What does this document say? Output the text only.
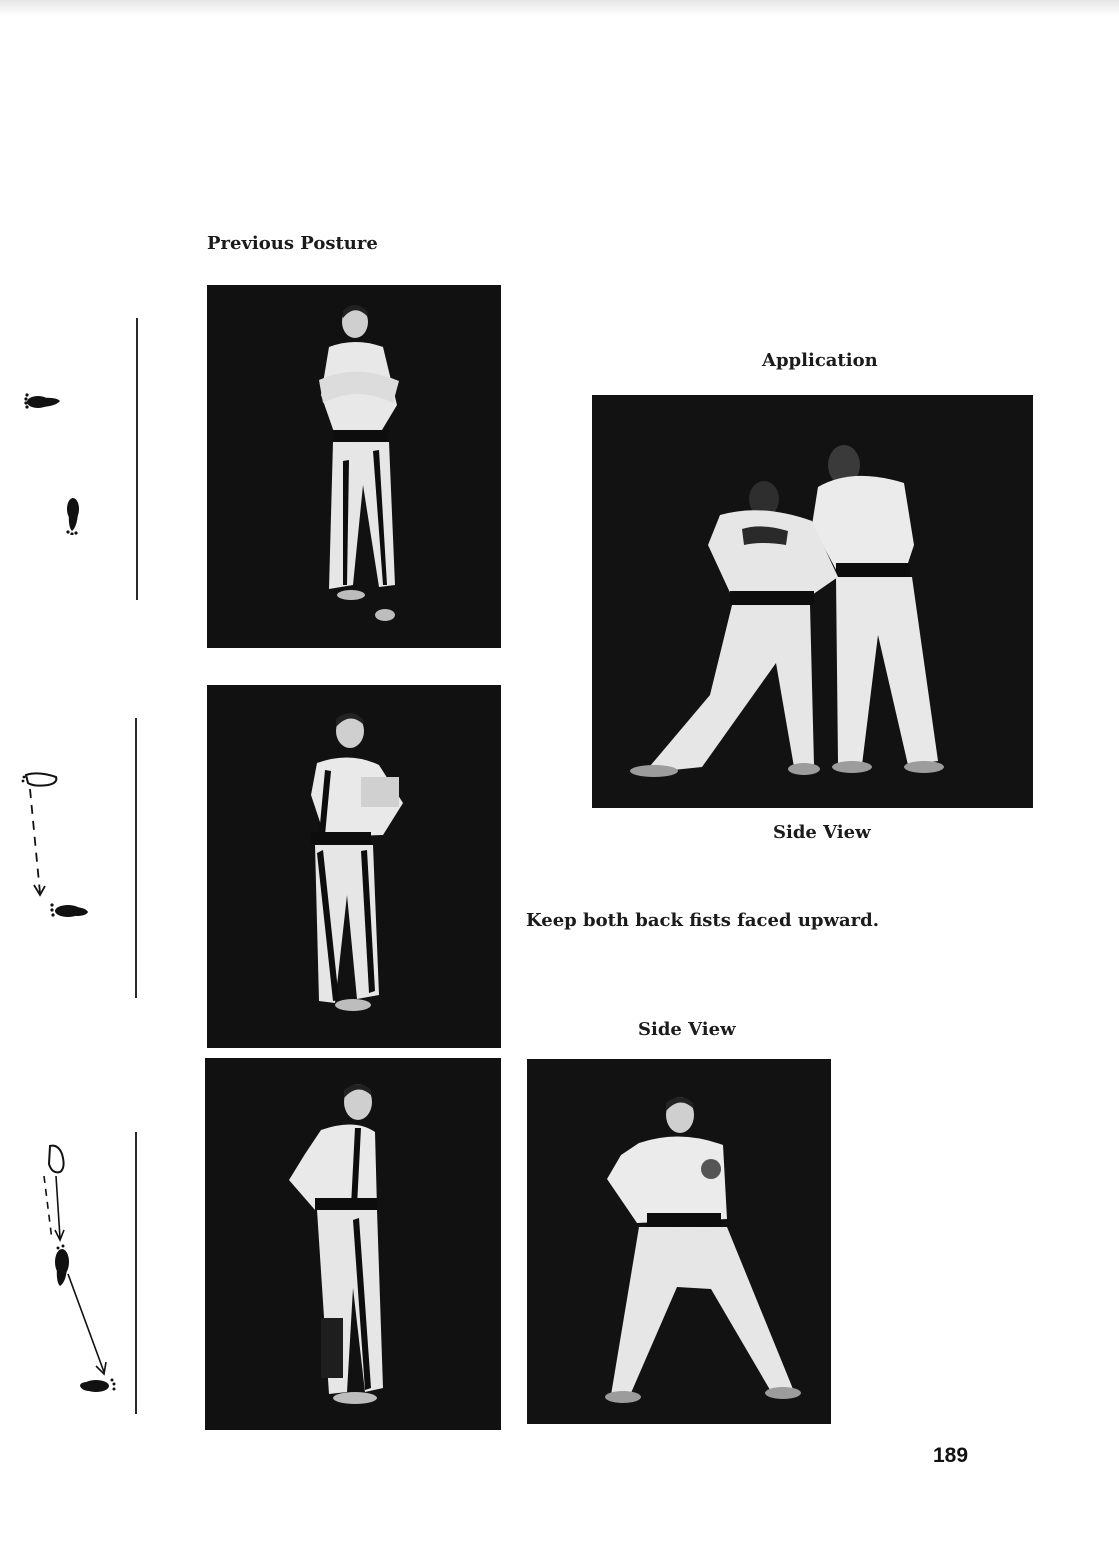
Previous Posture
Application
Side View
Keep both back fists faced upward.
Side View
189
